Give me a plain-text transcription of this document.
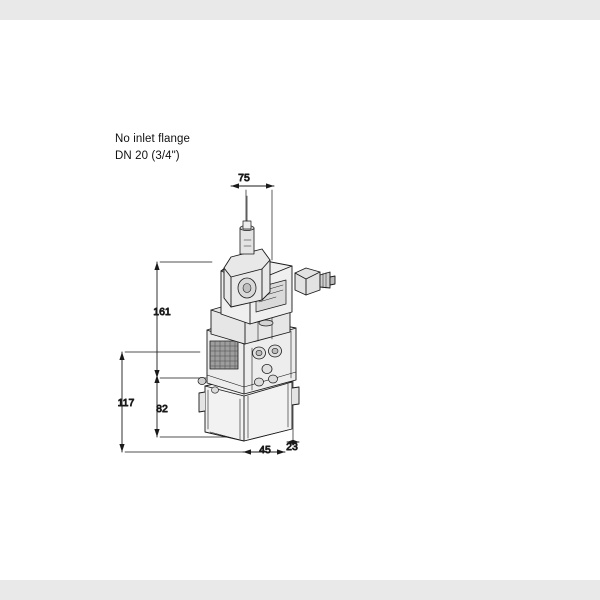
No inlet flange
DN 20 (3/4")
75
161
117 82
45 23
